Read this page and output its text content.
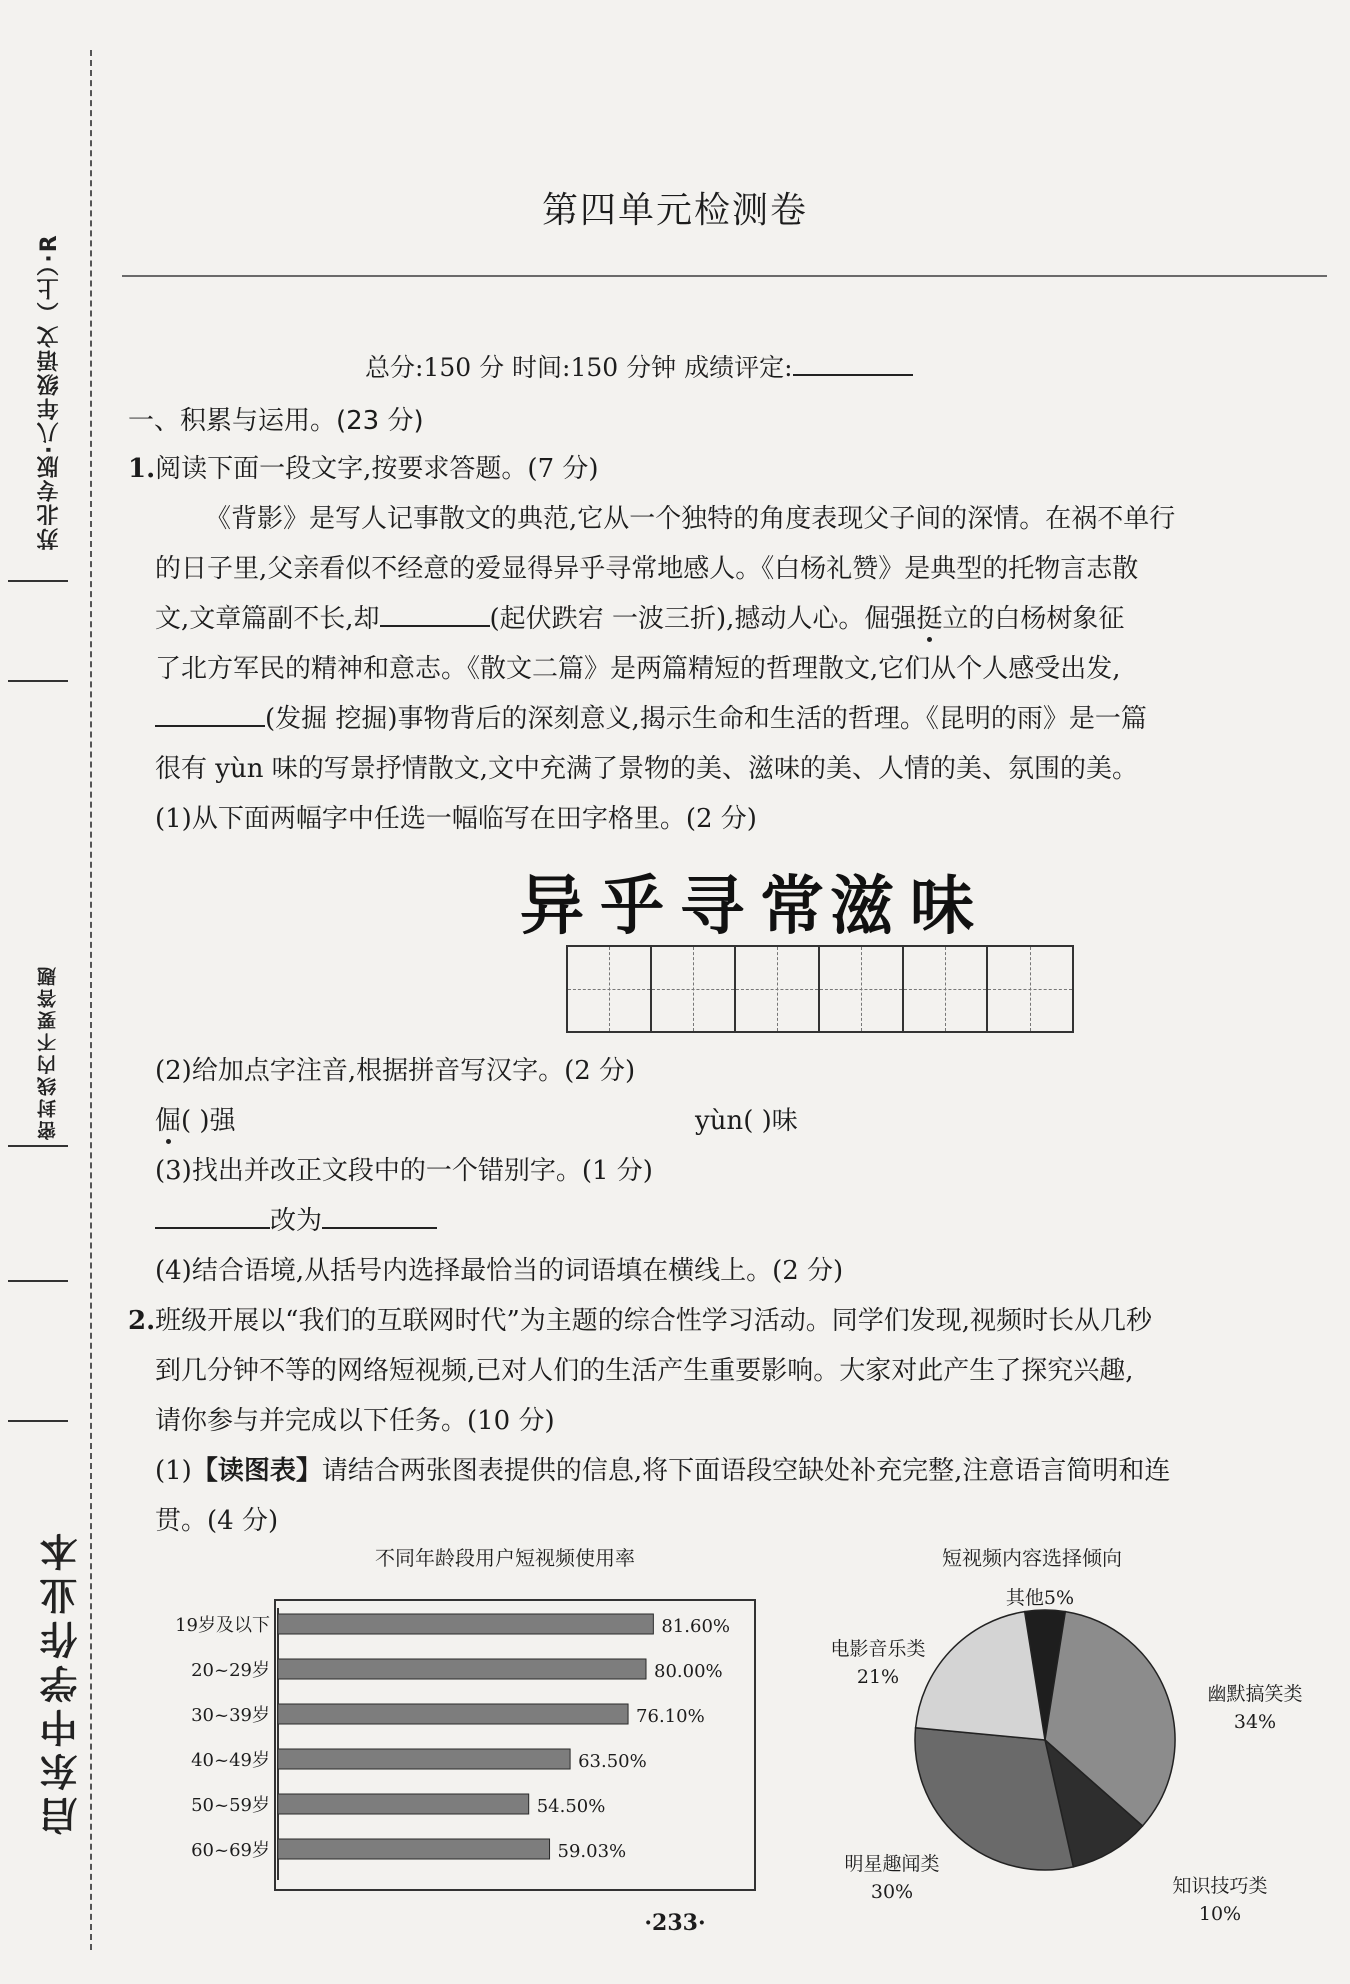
苏北专版·八年级语文（上）·R
密封线内不要答题
启东中学作业本
第四单元检测卷
总分:150 分 时间:150 分钟 成绩评定:
一、积累与运用。(23 分)
1.阅读下面一段文字,按要求答题。(7 分)
《背影》是写人记事散文的典范,它从一个独特的角度表现父子间的深情。在祸不单行
的日子里,父亲看似不经意的爱显得异乎寻常地感人。《白杨礼赞》是典型的托物言志散
文,文章篇副不长,却	(起伏跌宕 一波三折),撼动人心。倔强挺立的白杨树象征
了北方军民的精神和意志。《散文二篇》是两篇精短的哲理散文,它们从个人感受出发,
(发掘 挖掘)事物背后的深刻意义,揭示生命和生活的哲理。《昆明的雨》是一篇
很有 yùn 味的写景抒情散文,文中充满了景物的美、滋味的美、人情的美、氛围的美。
(1)从下面两幅字中任选一幅临写在田字格里。(2 分)
异乎寻常
滋味
(2)给加点字注音,根据拼音写汉字。(2 分)
倔( )强	yùn( )味
(3)找出并改正文段中的一个错别字。(1 分)
改为
(4)结合语境,从括号内选择最恰当的词语填在横线上。(2 分)
2.班级开展以“我们的互联网时代”为主题的综合性学习活动。同学们发现,视频时长从几秒
到几分钟不等的网络短视频,已对人们的生活产生重要影响。大家对此产生了探究兴趣,
请你参与并完成以下任务。(10 分)
(1)【读图表】请结合两张图表提供的信息,将下面语段空缺处补充完整,注意语言简明和连
贯。(4 分)
不同年龄段用户短视频使用率
19岁及以下	81.60%
20~29岁	80.00%
30~39岁	76.10%
40~49岁	63.50%
50~59岁	54.50%
60~69岁	59.03%
短视频内容选择倾向
其他5%
幽默搞笑类
34%
知识技巧类
10%
明星趣闻类
30%
电影音乐类
21%
·233·
